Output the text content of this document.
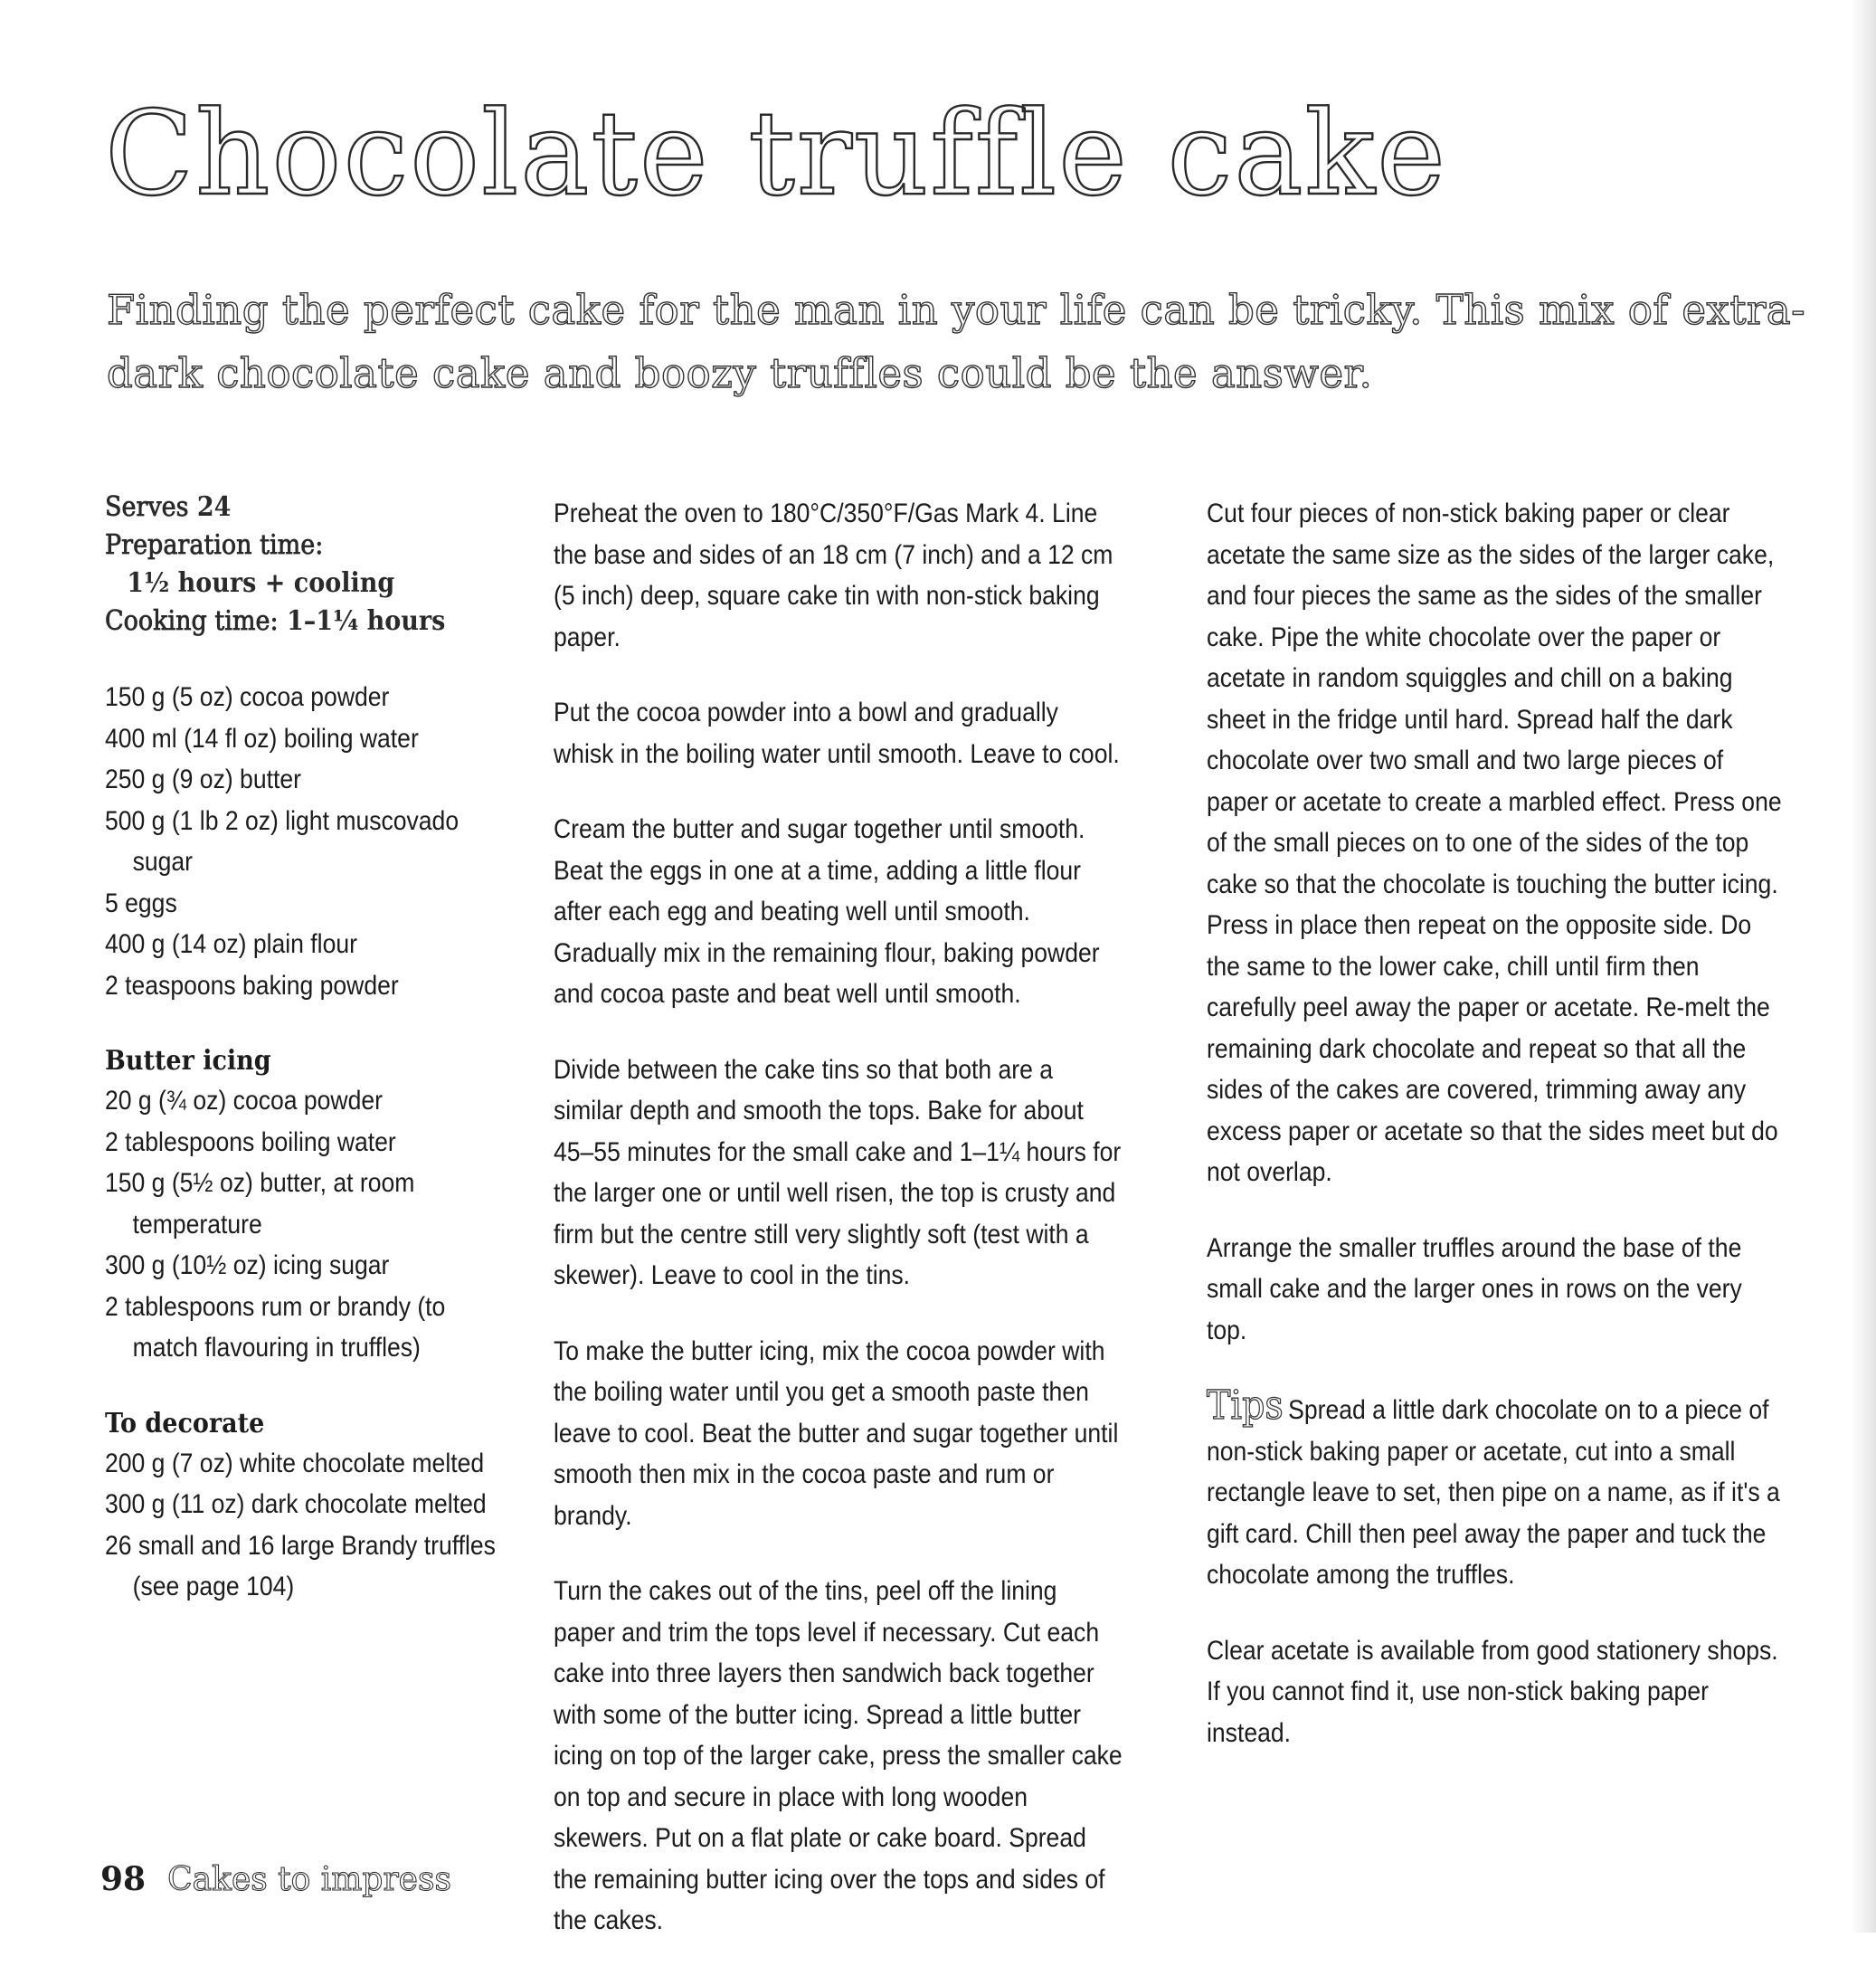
Chocolate truffle cake

Finding the perfect cake for the man in your life can be tricky. This mix of extra-dark chocolate cake and boozy truffles could be the answer.

Serves 24
Preparation time:
1½ hours + cooling
Cooking time: 1–1¼ hours
150 g (5 oz) cocoa powder
400 ml (14 fl oz) boiling water
250 g (9 oz) butter
500 g (1 lb 2 oz) light muscovado sugar
5 eggs
400 g (14 oz) plain flour
2 teaspoons baking powder
Butter icing
20 g (¾ oz) cocoa powder
2 tablespoons boiling water
150 g (5½ oz) butter, at room temperature
300 g (10½ oz) icing sugar
2 tablespoons rum or brandy (to match flavouring in truffles)
To decorate
200 g (7 oz) white chocolate melted
300 g (11 oz) dark chocolate melted
26 small and 16 large Brandy truffles (see page 104)

Preheat the oven to 180°C/350°F/Gas Mark 4. Line the base and sides of an 18 cm (7 inch) and a 12 cm (5 inch) deep, square cake tin with non-stick baking paper.

Put the cocoa powder into a bowl and gradually whisk in the boiling water until smooth. Leave to cool.

Cream the butter and sugar together until smooth. Beat the eggs in one at a time, adding a little flour after each egg and beating well until smooth. Gradually mix in the remaining flour, baking powder and cocoa paste and beat well until smooth.

Divide between the cake tins so that both are a similar depth and smooth the tops. Bake for about 45–55 minutes for the small cake and 1–1¼ hours for the larger one or until well risen, the top is crusty and firm but the centre still very slightly soft (test with a skewer). Leave to cool in the tins.

To make the butter icing, mix the cocoa powder with the boiling water until you get a smooth paste then leave to cool. Beat the butter and sugar together until smooth then mix in the cocoa paste and rum or brandy.

Turn the cakes out of the tins, peel off the lining paper and trim the tops level if necessary. Cut each cake into three layers then sandwich back together with some of the butter icing. Spread a little butter icing on top of the larger cake, press the smaller cake on top and secure in place with long wooden skewers. Put on a flat plate or cake board. Spread the remaining butter icing over the tops and sides of the cakes.

Cut four pieces of non-stick baking paper or clear acetate the same size as the sides of the larger cake, and four pieces the same as the sides of the smaller cake. Pipe the white chocolate over the paper or acetate in random squiggles and chill on a baking sheet in the fridge until hard. Spread half the dark chocolate over two small and two large pieces of paper or acetate to create a marbled effect. Press one of the small pieces on to one of the sides of the top cake so that the chocolate is touching the butter icing. Press in place then repeat on the opposite side. Do the same to the lower cake, chill until firm then carefully peel away the paper or acetate. Re-melt the remaining dark chocolate and repeat so that all the sides of the cakes are covered, trimming away any excess paper or acetate so that the sides meet but do not overlap.

Arrange the smaller truffles around the base of the small cake and the larger ones in rows on the very top.

Tips Spread a little dark chocolate on to a piece of non-stick baking paper or acetate, cut into a small rectangle leave to set, then pipe on a name, as if it's a gift card. Chill then peel away the paper and tuck the chocolate among the truffles.

Clear acetate is available from good stationery shops. If you cannot find it, use non-stick baking paper instead.

98 Cakes to impress
